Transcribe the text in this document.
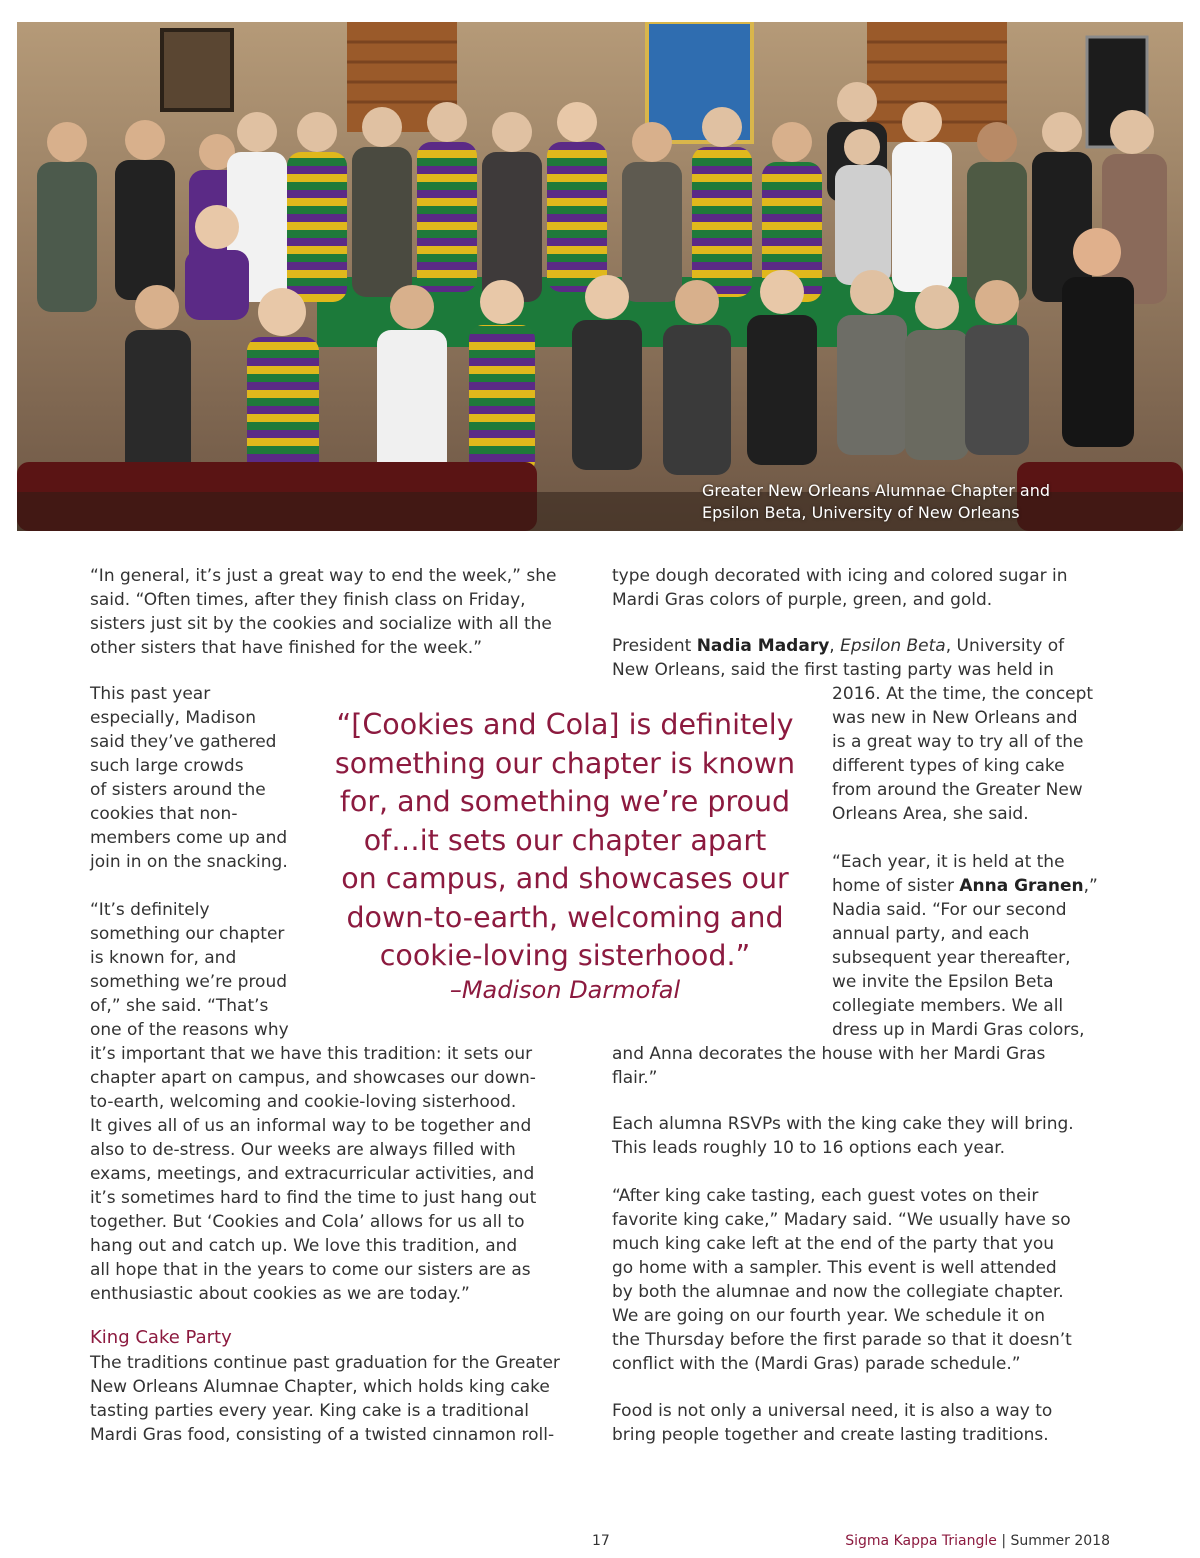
Greater New Orleans Alumnae Chapter and
Epsilon Beta, University of New Orleans

“In general, it’s just a great way to end the week,” she
said. “Often times, after they finish class on Friday,
sisters just sit by the cookies and socialize with all the
other sisters that have finished for the week.”

This past year
especially, Madison
said they’ve gathered
such large crowds
of sisters around the
cookies that non-
members come up and
join in on the snacking.

“It’s definitely
something our chapter
is known for, and
something we’re proud
of,” she said. “That’s
one of the reasons why

it’s important that we have this tradition: it sets our
chapter apart on campus, and showcases our down-
to-earth, welcoming and cookie-loving sisterhood.
It gives all of us an informal way to be together and
also to de-stress. Our weeks are always filled with
exams, meetings, and extracurricular activities, and
it’s sometimes hard to find the time to just hang out
together. But ‘Cookies and Cola’ allows for us all to
hang out and catch up. We love this tradition, and
all hope that in the years to come our sisters are as
enthusiastic about cookies as we are today.”

King Cake Party

The traditions continue past graduation for the Greater
New Orleans Alumnae Chapter, which holds king cake
tasting parties every year. King cake is a traditional
Mardi Gras food, consisting of a twisted cinnamon roll-

“[Cookies and Cola] is definitely
something our chapter is known
for, and something we’re proud
of…it sets our chapter apart
on campus, and showcases our
down-to-earth, welcoming and
cookie-loving sisterhood.”
–Madison Darmofal

type dough decorated with icing and colored sugar in
Mardi Gras colors of purple, green, and gold.

President Nadia Madary, Epsilon Beta, University of
New Orleans, said the first tasting party was held in

2016. At the time, the concept
was new in New Orleans and
is a great way to try all of the
different types of king cake
from around the Greater New
Orleans Area, she said.

“Each year, it is held at the
home of sister Anna Granen,”
Nadia said. “For our second
annual party, and each
subsequent year thereafter,
we invite the Epsilon Beta
collegiate members. We all
dress up in Mardi Gras colors,

and Anna decorates the house with her Mardi Gras
flair.”

Each alumna RSVPs with the king cake they will bring.
This leads roughly 10 to 16 options each year.

“After king cake tasting, each guest votes on their
favorite king cake,” Madary said. “We usually have so
much king cake left at the end of the party that you
go home with a sampler. This event is well attended
by both the alumnae and now the collegiate chapter.
We are going on our fourth year. We schedule it on
the Thursday before the first parade so that it doesn’t
conflict with the (Mardi Gras) parade schedule.”

Food is not only a universal need, it is also a way to
bring people together and create lasting traditions.

17	Sigma Kappa Triangle | Summer 2018
